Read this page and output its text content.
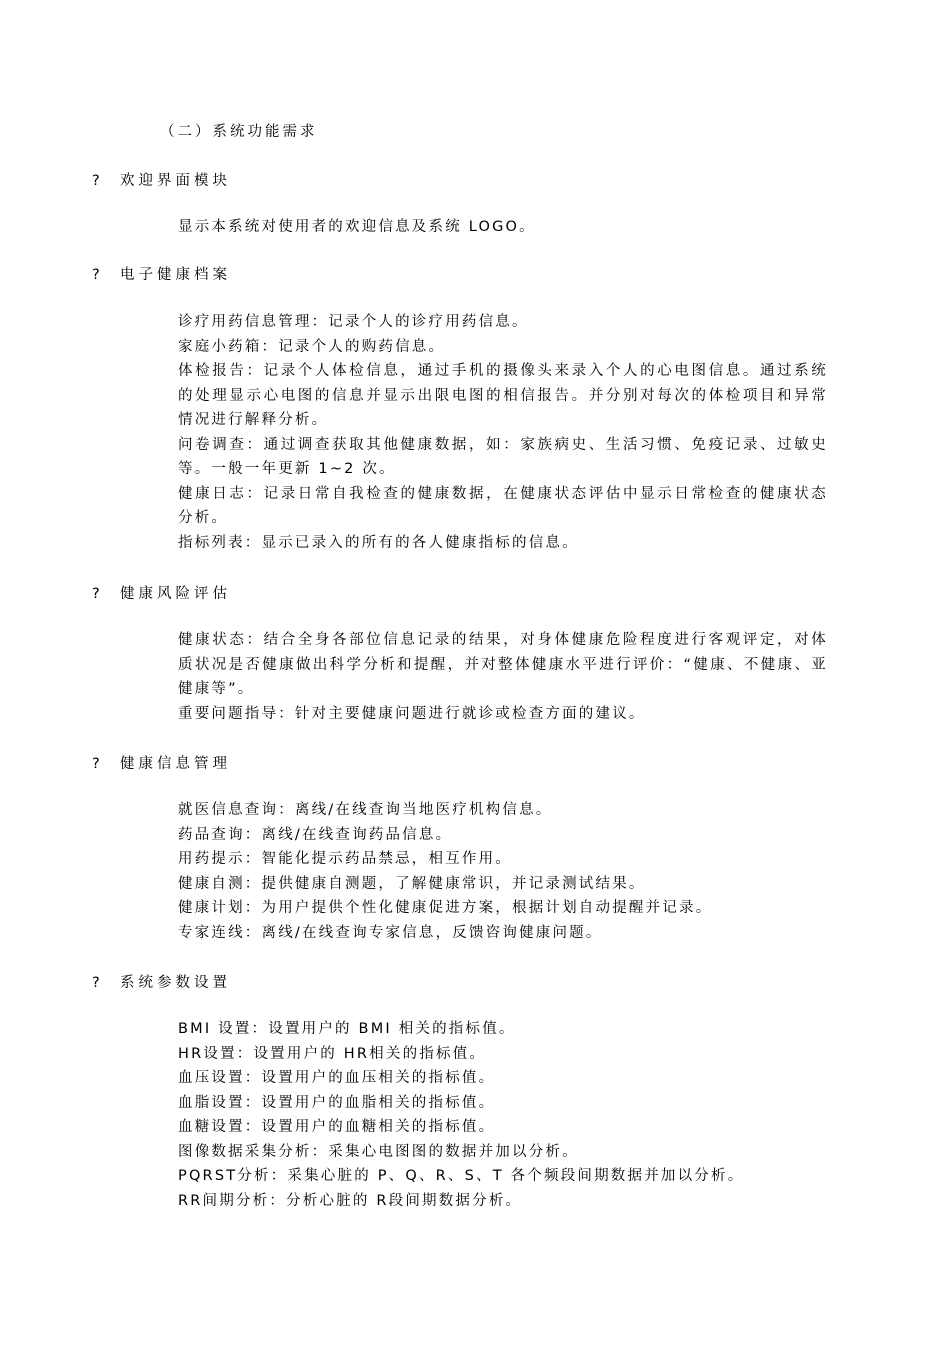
（二）系统功能需求
? 欢迎界面模块

显示本系统对使用者的欢迎信息及系统 LOGO。

? 电子健康档案

诊疗用药信息管理：记录个人的诊疗用药信息。

家庭小药箱：记录个人的购药信息。

体检报告：记录个人体检信息，通过手机的摄像头来录入个人的心电图信息。通过系统的处理显示心电图的信息并显示出限电图的相信报告。并分别对每次的体检项目和异常情况进行解释分析。

问卷调查：通过调查获取其他健康数据，如：家族病史、生活习惯、免疫记录、过敏史等。一般一年更新 1~2 次。

健康日志：记录日常自我检查的健康数据，在健康状态评估中显示日常检查的健康状态分析。

指标列表：显示已录入的所有的各人健康指标的信息。

? 健康风险评估

健康状态：结合全身各部位信息记录的结果，对身体健康危险程度进行客观评定，对体质状况是否健康做出科学分析和提醒，并对整体健康水平进行评价：“健康、不健康、亚健康等”。

重要问题指导：针对主要健康问题进行就诊或检查方面的建议。

? 健康信息管理

就医信息查询：离线/在线查询当地医疗机构信息。

药品查询：离线/在线查询药品信息。

用药提示：智能化提示药品禁忌，相互作用。

健康自测：提供健康自测题，了解健康常识，并记录测试结果。

健康计划：为用户提供个性化健康促进方案，根据计划自动提醒并记录。

专家连线：离线/在线查询专家信息，反馈咨询健康问题。

? 系统参数设置

BMI 设置：设置用户的 BMI 相关的指标值。

HR设置：设置用户的 HR相关的指标值。

血压设置：设置用户的血压相关的指标值。

血脂设置：设置用户的血脂相关的指标值。

血糖设置：设置用户的血糖相关的指标值。

图像数据采集分析：采集心电图图的数据并加以分析。

PQRST分析：采集心脏的 P、Q、R、S、T 各个频段间期数据并加以分析。

RR间期分析：分析心脏的 R段间期数据分析。
